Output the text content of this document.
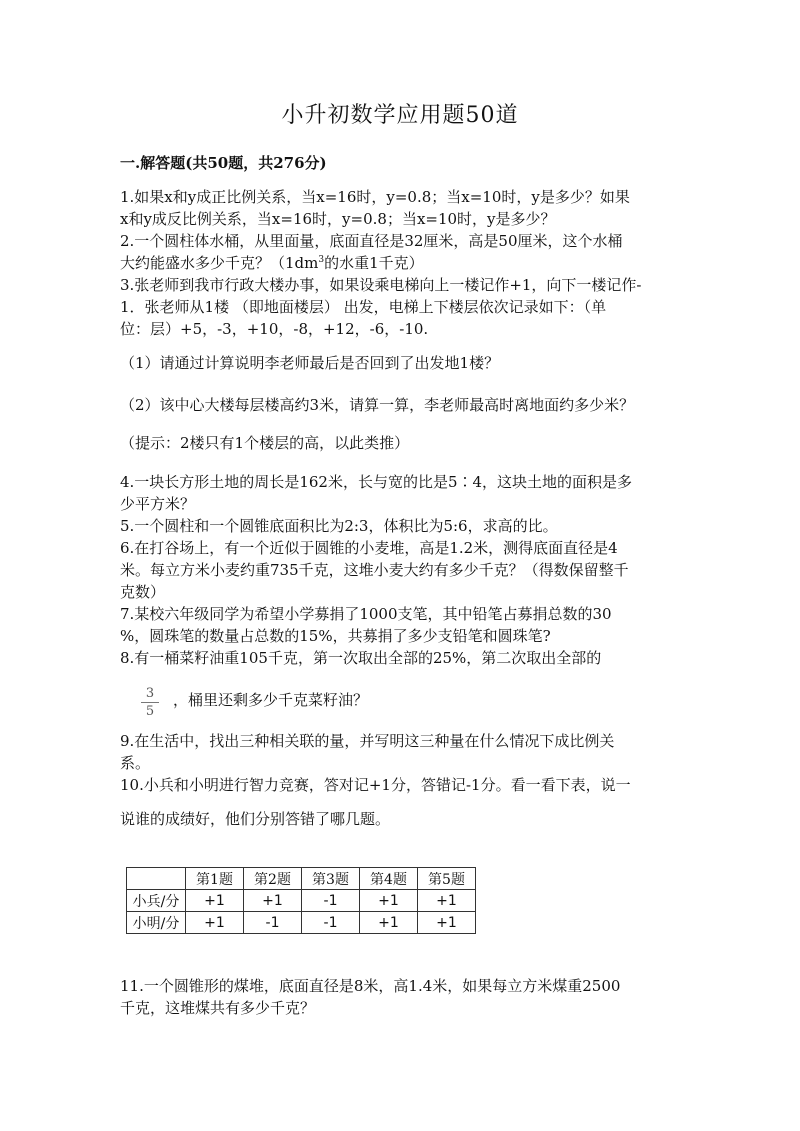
小升初数学应用题50道
一.解答题(共50题，共276分)
1.如果x和y成正比例关系，当x=16时，y=0.8；当x=10时，y是多少？如果
x和y成反比例关系，当x=16时，y=0.8；当x=10时，y是多少？
2.一个圆柱体水桶，从里面量，底面直径是32厘米，高是50厘米，这个水桶
大约能盛水多少千克？（$1dm^3$的水重1千克）
3.张老师到我市行政大楼办事，如果设乘电梯向上一楼记作+1，向下一楼记作-
1．张老师从1楼 （即地面楼层） 出发，电梯上下楼层依次记录如下：（单
位：层）+5，-3，+10，-8，+12，-6，-10.
（1）请通过计算说明李老师最后是否回到了出发地1楼？
（2）该中心大楼每层楼高约3米，请算一算，李老师最高时离地面约多少米？
（提示：2楼只有1个楼层的高，以此类推）
4.一块长方形土地的周长是162米，长与宽的比是5∶4，这块土地的面积是多
少平方米？
5.一个圆柱和一个圆锥底面积比为2:3，体积比为5:6，求高的比。
6.在打谷场上，有一个近似于圆锥的小麦堆，高是1.2米，测得底面直径是4
米。每立方米小麦约重735千克，这堆小麦大约有多少千克？（得数保留整千
克数）
7.某校六年级同学为希望小学募捐了1000支笔，其中铅笔占募捐总数的30
%，圆珠笔的数量占总数的15%，共募捐了多少支铅笔和圆珠笔?
8.有一桶菜籽油重105千克，第一次取出全部的25%，第二次取出全部的
3
5
，桶里还剩多少千克菜籽油？
9.在生活中，找出三种相关联的量，并写明这三种量在什么情况下成比例关
系。
10.小兵和小明进行智力竞赛，答对记+1分，答错记-1分。看一看下表，说一
说谁的成绩好，他们分别答错了哪几题。
	第1题	第2题	第3题	第4题	第5题
小兵/分	+1	+1	-1	+1	+1
小明/分	+1	-1	-1	+1	+1
11.一个圆锥形的煤堆，底面直径是8米，高1.4米，如果每立方米煤重2500
千克，这堆煤共有多少千克？
